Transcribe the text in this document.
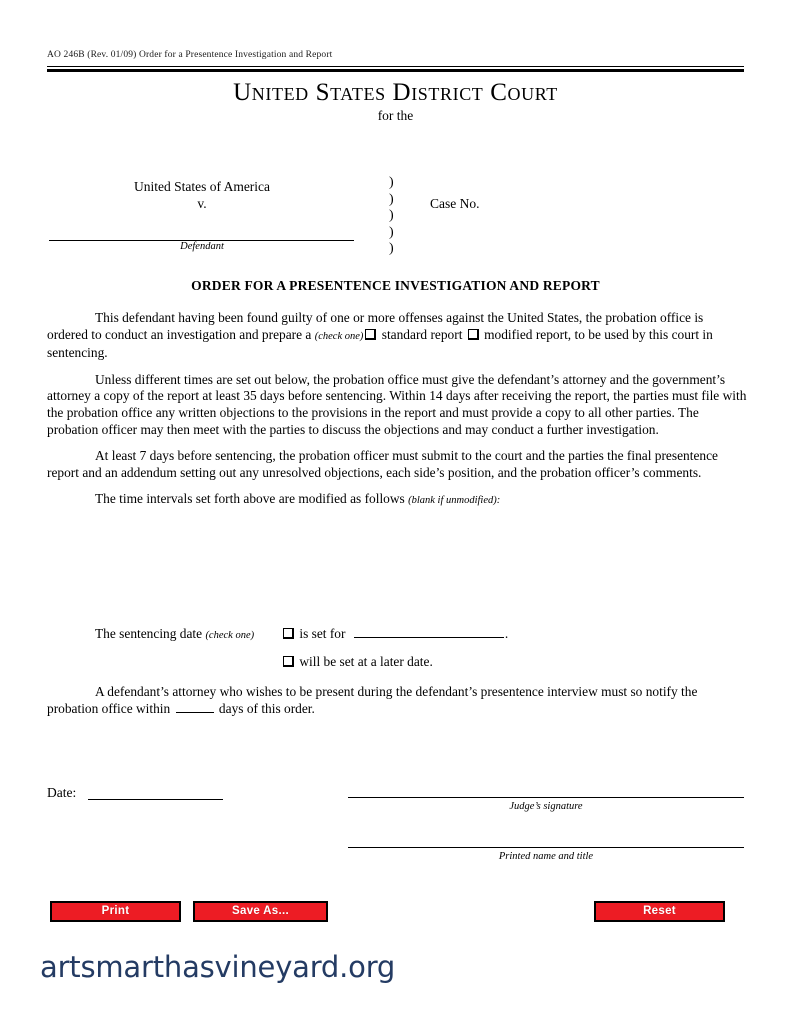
AO 246B (Rev. 01/09) Order for a Presentence Investigation and Report
United States District Court
for the
United States of America
v.
Defendant
)
)
)
)
)
Case No.
ORDER FOR A PRESENTENCE INVESTIGATION AND REPORT

This defendant having been found guilty of one or more offenses against the United States, the probation office is ordered to conduct an investigation and prepare a (check one) standard report  modified report, to be used by this court in sentencing.

Unless different times are set out below, the probation office must give the defendant’s attorney and the government’s attorney a copy of the report at least 35 days before sentencing. Within 14 days after receiving the report, the parties must file with the probation office any written objections to the provisions in the report and must provide a copy to all other parties. The probation officer may then meet with the parties to discuss the objections and may conduct a further investigation.

At least 7 days before sentencing, the probation officer must submit to the court and the parties the final presentence report and an addendum setting out any unresolved objections, each side’s position, and the probation officer’s comments.

The time intervals set forth above are modified as follows (blank if unmodified):

The sentencing date (check one)	is set for	.
will be set at a later date.
A defendant’s attorney who wishes to be present during the defendant’s presentence interview must so notify the probation office within	days of this order.
Date:
Judge’s signature
Printed name and title
Print	Save As...	Reset
artsmarthasvineyard.org
